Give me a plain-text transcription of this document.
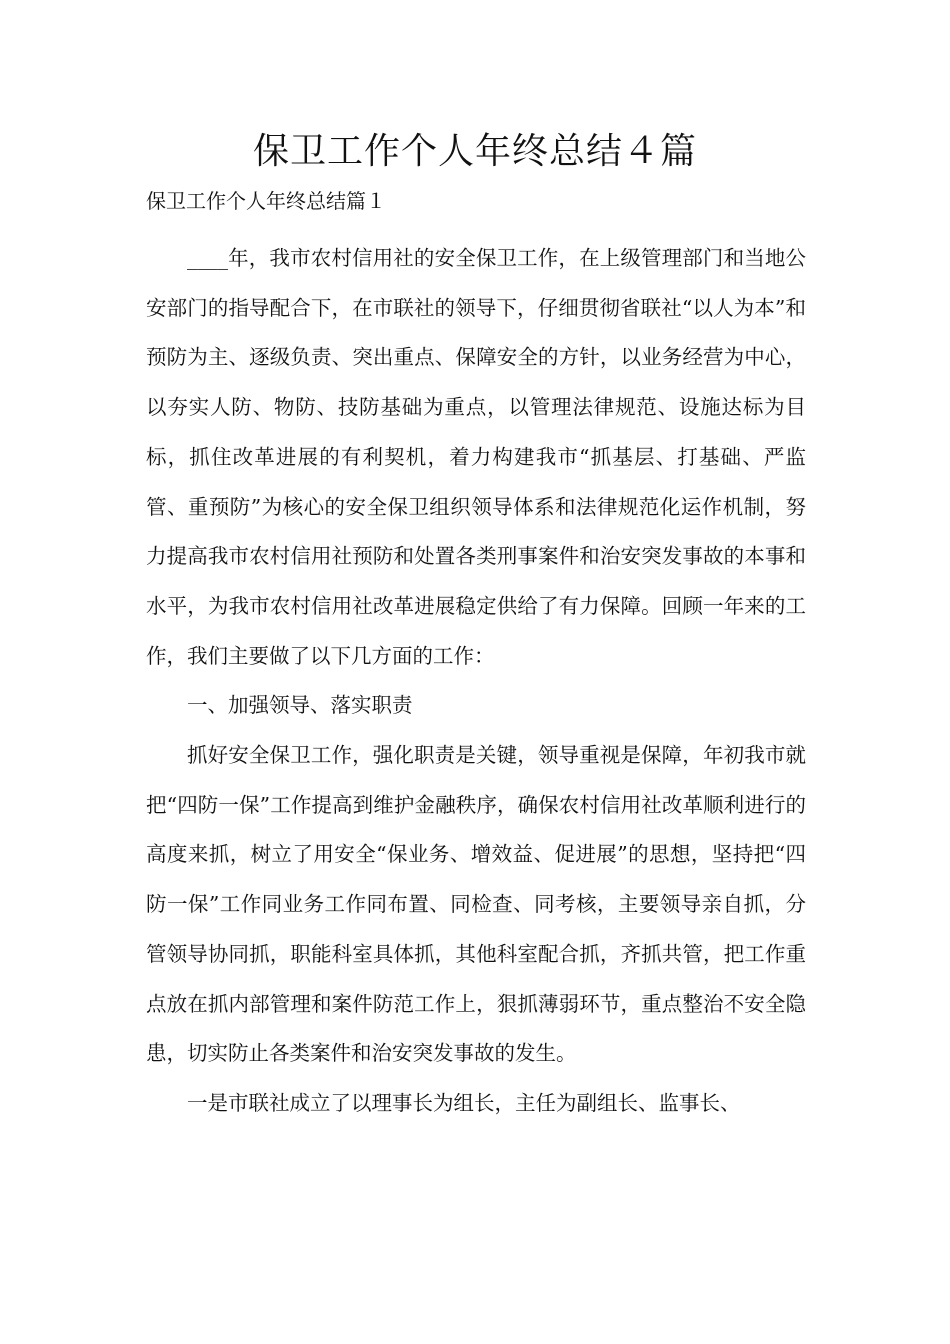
保卫工作个人年终总结４篇

保卫工作个人年终总结篇１

____年，我市农村信用社的安全保卫工作，在上级管理部门和当地公安部门的指导配合下，在市联社的领导下，仔细贯彻省联社“以人为本”和预防为主、逐级负责、突出重点、保障安全的方针，以业务经营为中心，以夯实人防、物防、技防基础为重点，以管理法律规范、设施达标为目标，抓住改革进展的有利契机，着力构建我市“抓基层、打基础、严监管、重预防”为核心的安全保卫组织领导体系和法律规范化运作机制，努力提高我市农村信用社预防和处置各类刑事案件和治安突发事故的本事和水平，为我市农村信用社改革进展稳定供给了有力保障。回顾一年来的工作，我们主要做了以下几方面的工作：

一、加强领导、落实职责

抓好安全保卫工作，强化职责是关键，领导重视是保障，年初我市就把“四防一保”工作提高到维护金融秩序，确保农村信用社改革顺利进行的高度来抓，树立了用安全“保业务、增效益、促进展”的思想，坚持把“四防一保”工作同业务工作同布置、同检查、同考核，主要领导亲自抓，分管领导协同抓，职能科室具体抓，其他科室配合抓，齐抓共管，把工作重点放在抓内部管理和案件防范工作上，狠抓薄弱环节，重点整治不安全隐患，切实防止各类案件和治安突发事故的发生。

一是市联社成立了以理事长为组长，主任为副组长、监事长、
